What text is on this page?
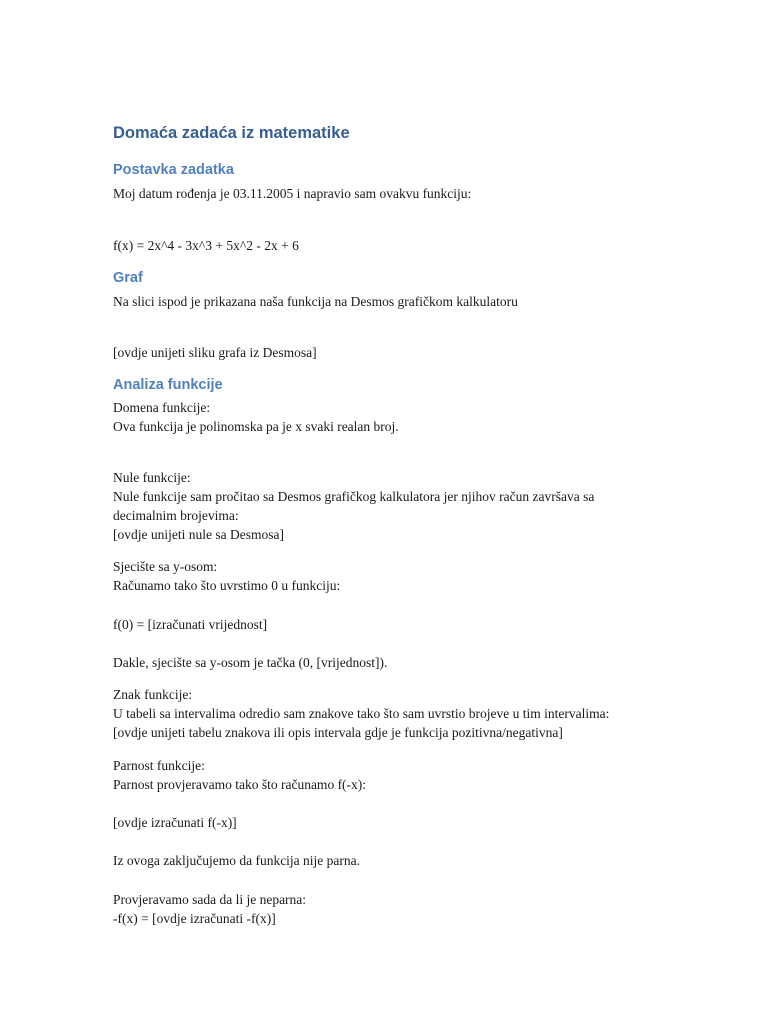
Domaća zadaća iz matematike
Postavka zadatka
Moj datum rođenja je 03.11.2005 i napravio sam ovakvu funkciju:
f(x) = 2x^4 - 3x^3 + 5x^2 - 2x + 6
Graf
Na slici ispod je prikazana naša funkcija na Desmos grafičkom kalkulatoru
[ovdje unijeti sliku grafa iz Desmosa]
Analiza funkcije
Domena funkcije:
Ova funkcija je polinomska pa je x svaki realan broj.
Nule funkcije:
Nule funkcije sam pročitao sa Desmos grafičkog kalkulatora jer njihov račun završava sa
decimalnim brojevima:
[ovdje unijeti nule sa Desmosa]
Sjecište sa y-osom:
Računamo tako što uvrstimo 0 u funkciju:
f(0) = [izračunati vrijednost]
Dakle, sjecište sa y-osom je tačka (0, [vrijednost]).
Znak funkcije:
U tabeli sa intervalima odredio sam znakove tako što sam uvrstio brojeve u tim intervalima:
[ovdje unijeti tabelu znakova ili opis intervala gdje je funkcija pozitivna/negativna]
Parnost funkcije:
Parnost provjeravamo tako što računamo f(-x):
[ovdje izračunati f(-x)]
Iz ovoga zaključujemo da funkcija nije parna.
Provjeravamo sada da li je neparna:
-f(x) = [ovdje izračunati -f(x)]
